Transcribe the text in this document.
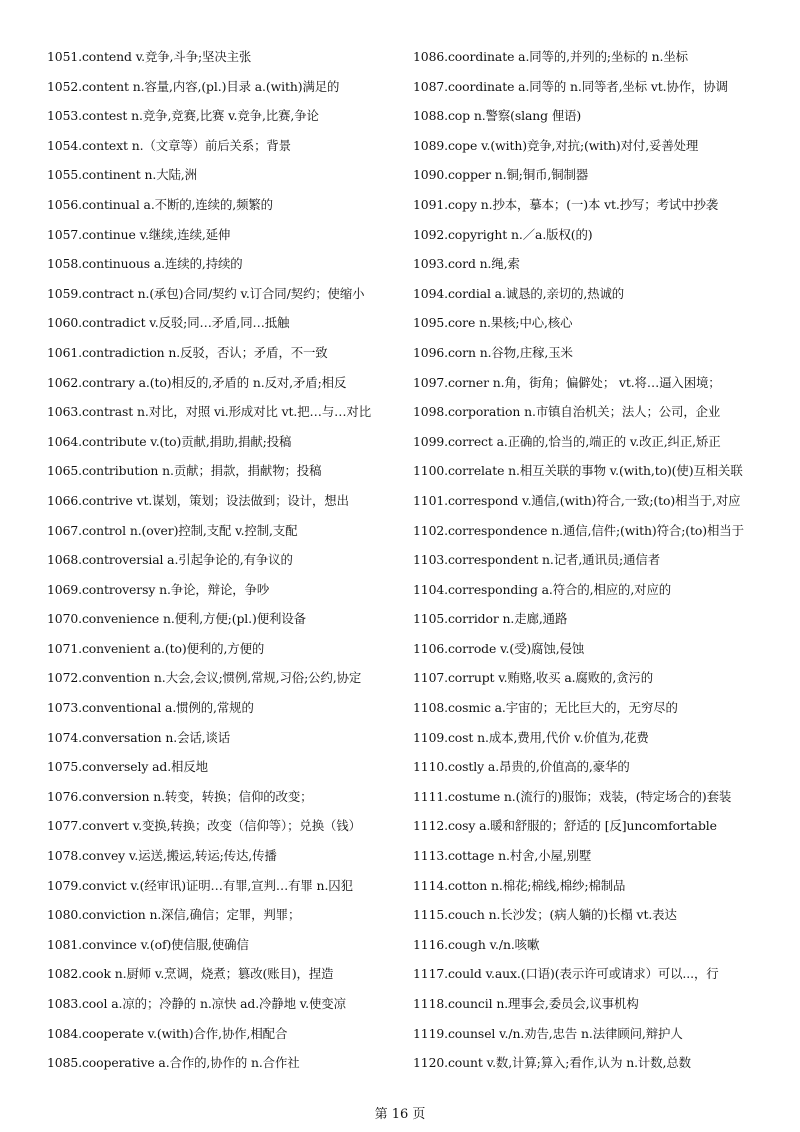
1051.contend v.竞争,斗争;坚决主张
1052.content n.容量,内容,(pl.)目录 a.(with)满足的
1053.contest n.竞争,竞赛,比赛 v.竞争,比赛,争论
1054.context n.（文章等）前后关系；背景
1055.continent n.大陆,洲
1056.continual a.不断的,连续的,频繁的
1057.continue v.继续,连续,延伸
1058.continuous a.连续的,持续的
1059.contract n.(承包)合同/契约 v.订合同/契约；使缩小
1060.contradict v.反驳;同…矛盾,同…抵触
1061.contradiction n.反驳，否认；矛盾，不一致
1062.contrary a.(to)相反的,矛盾的 n.反对,矛盾;相反
1063.contrast n.对比，对照 vi.形成对比 vt.把…与…对比
1064.contribute v.(to)贡献,捐助,捐献;投稿
1065.contribution n.贡献；捐款，捐献物；投稿
1066.contrive vt.谋划，策划；设法做到；设计，想出
1067.control n.(over)控制,支配 v.控制,支配
1068.controversial a.引起争论的,有争议的
1069.controversy n.争论，辩论，争吵
1070.convenience n.便利,方便;(pl.)便利设备
1071.convenient a.(to)便利的,方便的
1072.convention n.大会,会议;惯例,常规,习俗;公约,协定
1073.conventional a.惯例的,常规的
1074.conversation n.会话,谈话
1075.conversely ad.相反地
1076.conversion n.转变，转换；信仰的改变；
1077.convert v.变换,转换；改变（信仰等）；兑换（钱）
1078.convey v.运送,搬运,转运;传达,传播
1079.convict v.(经审讯)证明…有罪,宣判…有罪 n.囚犯
1080.conviction n.深信,确信；定罪，判罪；
1081.convince v.(of)使信服,使确信
1082.cook n.厨师 v.烹调，烧煮；篡改(账目)，捏造
1083.cool a.凉的；冷静的 n.凉快 ad.冷静地 v.使变凉
1084.cooperate v.(with)合作,协作,相配合
1085.cooperative a.合作的,协作的 n.合作社
1086.coordinate a.同等的,并列的;坐标的 n.坐标
1087.coordinate a.同等的 n.同等者,坐标 vt.协作，协调
1088.cop n.警察(slang 俚语)
1089.cope v.(with)竞争,对抗;(with)对付,妥善处理
1090.copper n.铜;铜币,铜制器
1091.copy n.抄本，摹本；(一)本 vt.抄写；考试中抄袭
1092.copyright n.／a.版权(的)
1093.cord n.绳,索
1094.cordial a.诚恳的,亲切的,热诚的
1095.core n.果核;中心,核心
1096.corn n.谷物,庄稼,玉米
1097.corner n.角，街角；偏僻处； vt.将…逼入困境；
1098.corporation n.市镇自治机关；法人；公司，企业
1099.correct a.正确的,恰当的,端正的 v.改正,纠正,矫正
1100.correlate n.相互关联的事物 v.(with,to)(使)互相关联
1101.correspond v.通信,(with)符合,一致;(to)相当于,对应
1102.correspondence n.通信,信件;(with)符合;(to)相当于
1103.correspondent n.记者,通讯员;通信者
1104.corresponding a.符合的,相应的,对应的
1105.corridor n.走廊,通路
1106.corrode v.(受)腐蚀,侵蚀
1107.corrupt v.贿赂,收买 a.腐败的,贪污的
1108.cosmic a.宇宙的；无比巨大的，无穷尽的
1109.cost n.成本,费用,代价 v.价值为,花费
1110.costly a.昂贵的,价值高的,豪华的
1111.costume n.(流行的)服饰；戏装，(特定场合的)套装
1112.cosy a.暖和舒服的；舒适的 [反]uncomfortable
1113.cottage n.村舍,小屋,别墅
1114.cotton n.棉花;棉线,棉纱;棉制品
1115.couch n.长沙发；(病人躺的)长榻 vt.表达
1116.cough v./n.咳嗽
1117.could v.aux.(口语)(表示许可或请求）可以...，行
1118.council n.理事会,委员会,议事机构
1119.counsel v./n.劝告,忠告 n.法律顾问,辩护人
1120.count v.数,计算;算入;看作,认为 n.计数,总数
第 16 页
